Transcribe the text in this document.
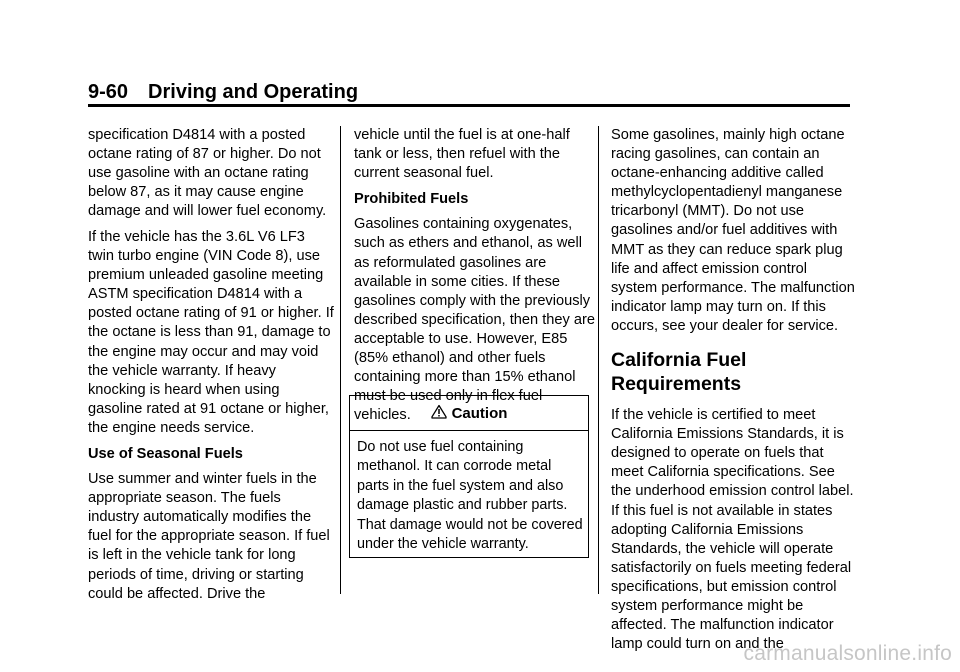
9-60 Driving and Operating

specification D4814 with a posted octane rating of 87 or higher. Do not use gasoline with an octane rating below 87, as it may cause engine damage and will lower fuel economy.

If the vehicle has the 3.6L V6 LF3 twin turbo engine (VIN Code 8), use premium unleaded gasoline meeting ASTM specification D4814 with a posted octane rating of 91 or higher. If the octane is less than 91, damage to the engine may occur and may void the vehicle warranty. If heavy knocking is heard when using gasoline rated at 91 octane or higher, the engine needs service.

Use of Seasonal Fuels

Use summer and winter fuels in the appropriate season. The fuels industry automatically modifies the fuel for the appropriate season. If fuel is left in the vehicle tank for long periods of time, driving or starting could be affected. Drive the

vehicle until the fuel is at one-half tank or less, then refuel with the current seasonal fuel.

Prohibited Fuels

Gasolines containing oxygenates, such as ethers and ethanol, as well as reformulated gasolines are available in some cities. If these gasolines comply with the previously described specification, then they are acceptable to use. However, E85 (85% ethanol) and other fuels containing more than 15% ethanol must be used only in flex fuel vehicles.	Caution
Do not use fuel containing methanol. It can corrode metal parts in the fuel system and also damage plastic and rubber parts. That damage would not be covered under the vehicle warranty.

Some gasolines, mainly high octane racing gasolines, can contain an octane-enhancing additive called methylcyclopentadienyl manganese tricarbonyl (MMT). Do not use gasolines and/or fuel additives with MMT as they can reduce spark plug life and affect emission control system performance. The malfunction indicator lamp may turn on. If this occurs, see your dealer for service.

California Fuel Requirements

If the vehicle is certified to meet California Emissions Standards, it is designed to operate on fuels that meet California specifications. See the underhood emission control label. If this fuel is not available in states adopting California Emissions Standards, the vehicle will operate satisfactorily on fuels meeting federal specifications, but emission control system performance might be affected. The malfunction indicator lamp could turn on and the

carmanualsonline.info
